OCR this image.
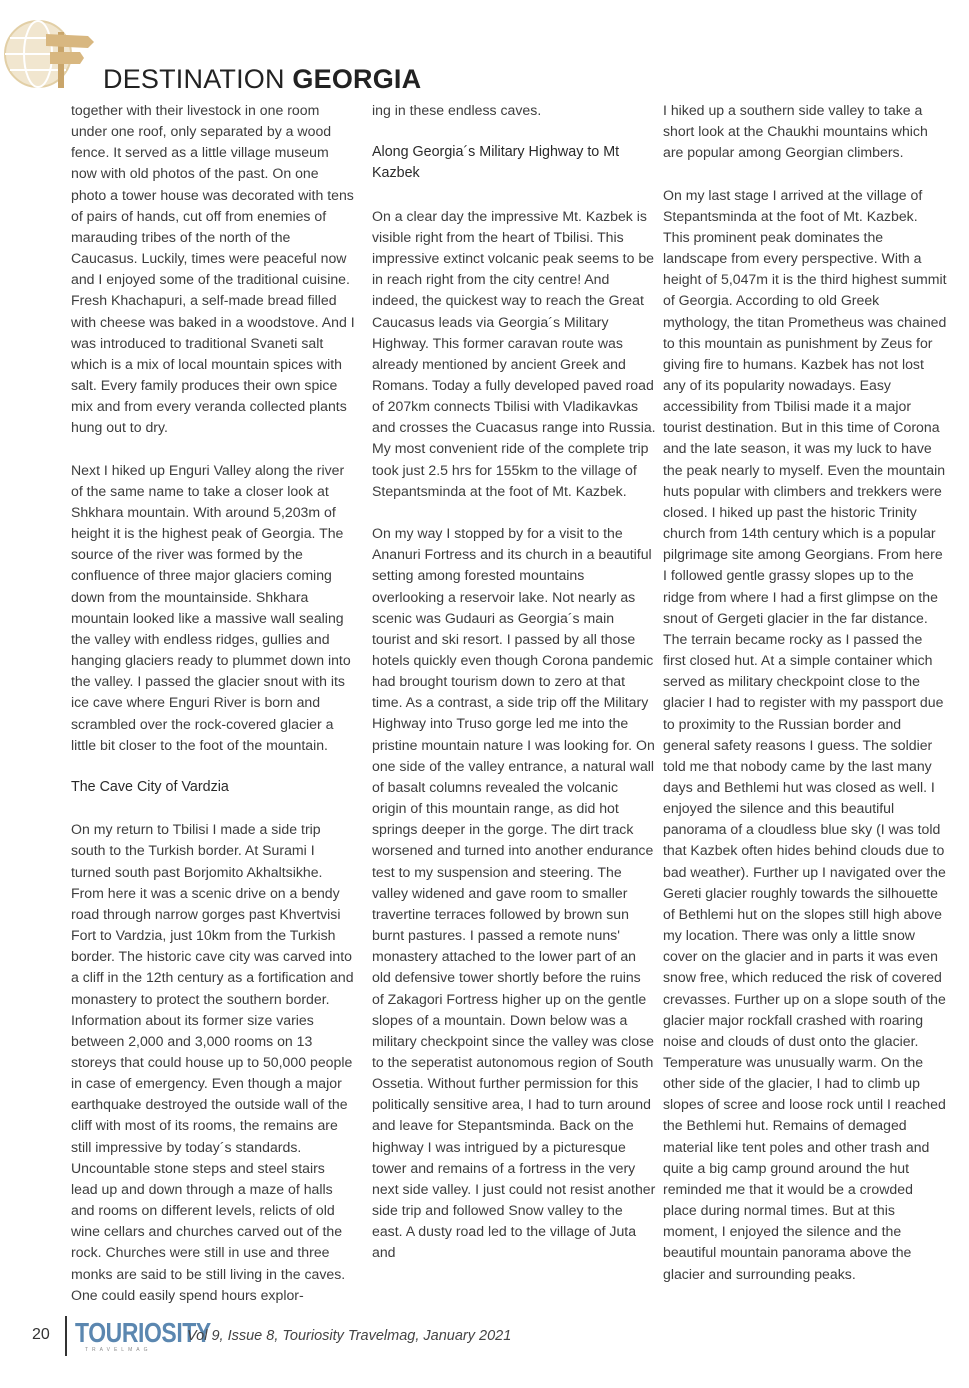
DESTINATION GEORGIA

together with their livestock in one room under one roof, only separated by a wood fence. It served as a little village museum now with old photos of the past. On one photo a tower house was decorated with tens of pairs of hands, cut off from enemies of marauding tribes of the north of the Caucasus. Luckily, times were peaceful now and I enjoyed some of the traditional cuisine. Fresh Khachapuri, a self-made bread filled with cheese was baked in a woodstove. And I was introduced to traditional Svaneti salt which is a mix of local mountain spices with salt. Every family produces their own spice mix and from every veranda collected plants hung out to dry.

Next I hiked up Enguri Valley along the river of the same name to take a closer look at Shkhara mountain. With around 5,203m of height it is the highest peak of Georgia. The source of the river was formed by the confluence of three major glaciers coming down from the mountainside. Shkhara mountain looked like a massive wall sealing the valley with endless ridges, gullies and hanging glaciers ready to plummet down into the valley. I passed the glacier snout with its ice cave where Enguri River is born and scrambled over the rock-covered glacier a little bit closer to the foot of the mountain.

The Cave City of Vardzia

On my return to Tbilisi I made a side trip south to the Turkish border. At Surami I turned south past Borjomito Akhaltsikhe. From here it was a scenic drive on a bendy road through narrow gorges past Khvertvisi Fort to Vardzia, just 10km from the Turkish border. The historic cave city was carved into a cliff in the 12th century as a fortification and monastery to protect the southern border. Information about its former size varies between 2,000 and 3,000 rooms on 13 storeys that could house up to 50,000 people in case of emergency. Even though a major earthquake destroyed the outside wall of the cliff with most of its rooms, the remains are still impressive by today´s standards. Uncountable stone steps and steel stairs lead up and down through a maze of halls and rooms on different levels, relicts of old wine cellars and churches carved out of the rock. Churches were still in use and three monks are said to be still living in the caves. One could easily spend hours explor-

ing in these endless caves.

Along Georgia´s Military Highway to Mt Kazbek

On a clear day the impressive Mt. Kazbek is visible right from the heart of Tbilisi. This impressive extinct volcanic peak seems to be in reach right from the city centre! And indeed, the quickest way to reach the Great Caucasus leads via Georgia´s Military Highway. This former caravan route was already mentioned by ancient Greek and Romans. Today a fully developed paved road of 207km connects Tbilisi with Vladikavkas and crosses the Cuacasus range into Russia. My most convenient ride of the complete trip took just 2.5 hrs for 155km to the village of Stepantsminda at the foot of Mt. Kazbek.

On my way I stopped by for a visit to the Ananuri Fortress and its church in a beautiful setting among forested mountains overlooking a reservoir lake. Not nearly as scenic was Gudauri as Georgia´s main tourist and ski resort. I passed by all those hotels quickly even though Corona pandemic had brought tourism down to zero at that time. As a contrast, a side trip off the Military Highway into Truso gorge led me into the pristine mountain nature I was looking for. On one side of the valley entrance, a natural wall of basalt columns revealed the volcanic origin of this mountain range, as did hot springs deeper in the gorge. The dirt track worsened and turned into another endurance test to my suspension and steering. The valley widened and gave room to smaller travertine terraces followed by brown sun burnt pastures. I passed a remote nuns' monastery attached to the lower part of an old defensive tower shortly before the ruins of Zakagori Fortress higher up on the gentle slopes of a mountain. Down below was a military checkpoint since the valley was close to the seperatist autonomous region of South Ossetia. Without further permission for this politically sensitive area, I had to turn around and leave for Stepantsminda. Back on the highway I was intrigued by a picturesque tower and remains of a fortress in the very next side valley. I just could not resist another side trip and followed Snow valley to the east. A dusty road led to the village of Juta and

I hiked up a southern side valley to take a short look at the Chaukhi mountains which are popular among Georgian climbers.

On my last stage I arrived at the village of Stepantsminda at the foot of Mt. Kazbek. This prominent peak dominates the landscape from every perspective. With a height of 5,047m it is the third highest summit of Georgia. According to old Greek mythology, the titan Prometheus was chained to this mountain as punishment by Zeus for giving fire to humans. Kazbek has not lost any of its popularity nowadays. Easy accessibility from Tbilisi made it a major tourist destination. But in this time of Corona and the late season, it was my luck to have the peak nearly to myself. Even the mountain huts popular with climbers and trekkers were closed. I hiked up past the historic Trinity church from 14th century which is a popular pilgrimage site among Georgians. From here I followed gentle grassy slopes up to the ridge from where I had a first glimpse on the snout of Gergeti glacier in the far distance. The terrain became rocky as I passed the first closed hut. At a simple container which served as military checkpoint close to the glacier I had to register with my passport due to proximity to the Russian border and general safety reasons I guess. The soldier told me that nobody came by the last many days and Bethlemi hut was closed as well. I enjoyed the silence and this beautiful panorama of a cloudless blue sky (I was told that Kazbek often hides behind clouds due to bad weather). Further up I navigated over the Gereti glacier roughly towards the silhouette of Bethlemi hut on the slopes still high above my location. There was only a little snow cover on the glacier and in parts it was even snow free, which reduced the risk of covered crevasses. Further up on a slope south of the glacier major rockfall crashed with roaring noise and clouds of dust onto the glacier. Temperature was unusually warm. On the other side of the glacier, I had to climb up slopes of scree and loose rock until I reached the Bethlemi hut. Remains of demaged material like tent poles and other trash and quite a big camp ground around the hut reminded me that it would be a crowded place during normal times. But at this moment, I enjoyed the silence and the beautiful mountain panorama above the glacier and surrounding peaks.

20 TOURIOSITY
TRAVELMAG
Vol 9, Issue 8, Touriosity Travelmag, January 2021
